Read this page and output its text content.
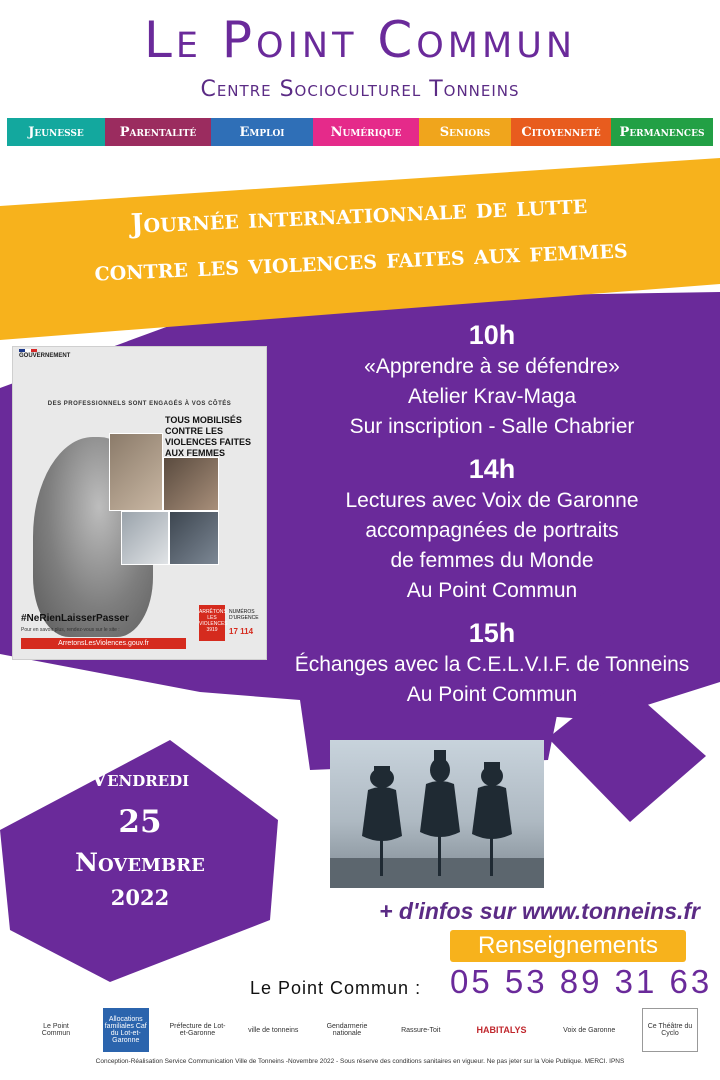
Le Point Commun
Centre Socioculturel Tonneins
Jeunesse	Parentalité	Emploi	Numérique	Seniors	Citoyenneté	Permanences
Journée internationnale de lutte
contre les violences faites aux femmes
GOUVERNEMENT
DES PROFESSIONNELS SONT ENGAGÉS À VOS CÔTÉS
TOUS MOBILISÉS CONTRE LES VIOLENCES FAITES AUX FEMMES
#NeRienLaisserPasser
Pour en savoir plus, rendez-vous sur le site :
ArretonsLesViolences.gouv.fr
ARRÊTONS LES VIOLENCES 3919
NUMÉROS D'URGENCE
17 114
10h
«Apprendre à se défendre»
Atelier Krav-Maga
Sur inscription - Salle Chabrier
14h
Lectures avec Voix de Garonne
accompagnées de portraits
de femmes du Monde
Au Point Commun
15h
Échanges avec la C.E.L.V.I.F. de Tonneins
Au Point Commun
Vendredi
25
Novembre
2022
+ d'infos sur www.tonneins.fr
Renseignements
Le Point Commun : 05 53 89 31 63
Le Point Commun
Allocations familiales Caf du Lot-et-Garonne
Préfecture de Lot-et-Garonne	ville de tonneins	Gendarmerie nationale	Rassure-Toit	HABITALYS	Voix de Garonne	Ce Théâtre du Cyclo
Conception-Réalisation Service Communication Ville de Tonneins -Novembre 2022 - Sous réserve des conditions sanitaires en vigueur. Ne pas jeter sur la Voie Publique. MERCI. IPNS
